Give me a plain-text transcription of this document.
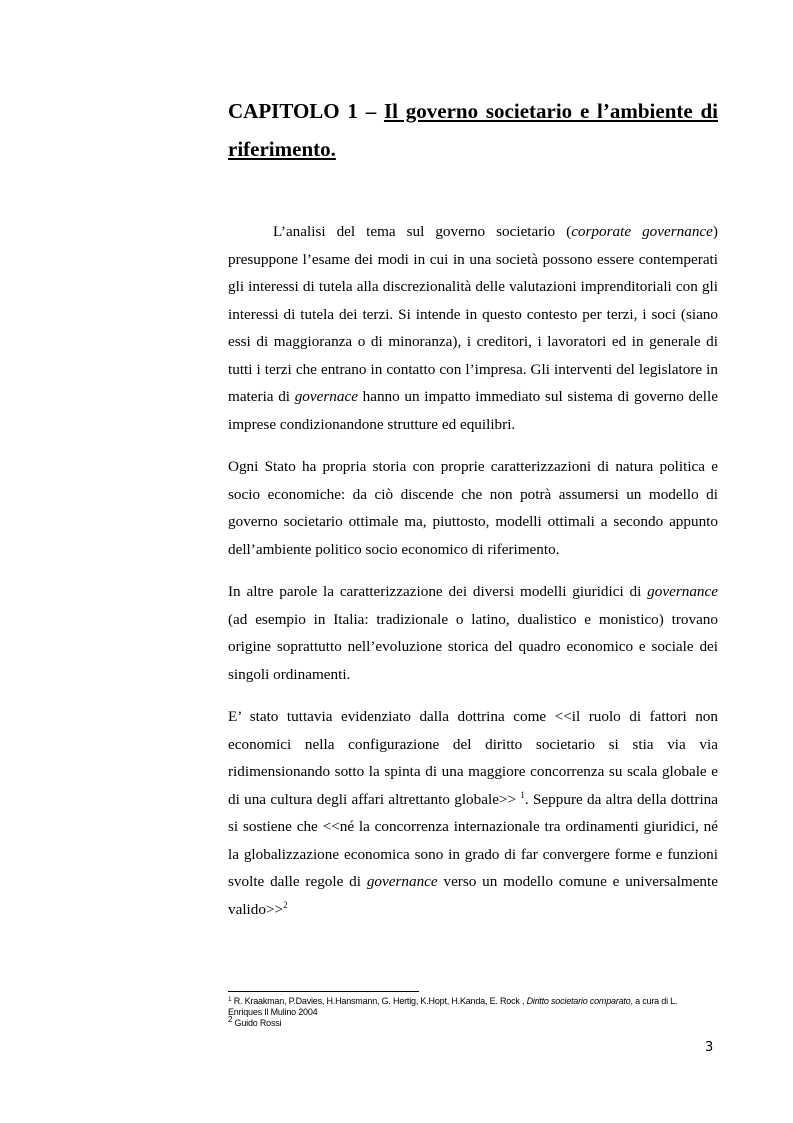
CAPITOLO 1 – Il governo societario e l’ambiente di riferimento.

L’analisi del tema sul governo societario (corporate governance) presuppone l’esame dei modi in cui in una società possono essere contemperati gli interessi di tutela alla discrezionalità delle valutazioni imprenditoriali con gli interessi di tutela dei terzi. Si intende in questo contesto per terzi, i soci (siano essi di maggioranza o di minoranza), i creditori, i lavoratori ed in generale di tutti i terzi che entrano in contatto con l’impresa. Gli interventi del legislatore in materia di governace hanno un impatto immediato sul sistema di governo delle imprese condizionandone strutture ed equilibri.

Ogni Stato ha propria storia con proprie caratterizzazioni di natura politica e socio economiche: da ciò discende che non potrà assumersi un modello di governo societario ottimale ma, piuttosto, modelli ottimali a secondo appunto dell’ambiente politico socio economico di riferimento.

In altre parole la caratterizzazione dei diversi modelli giuridici di governance (ad esempio in Italia: tradizionale o latino, dualistico e monistico) trovano origine soprattutto nell’evoluzione storica del quadro economico e sociale dei singoli ordinamenti.

E’ stato tuttavia evidenziato dalla dottrina come <<il ruolo di fattori non economici nella configurazione del diritto societario si stia via via ridimensionando sotto la spinta di una maggiore concorrenza su scala globale e di una cultura degli affari altrettanto globale>> $^1$. Seppure da altra della dottrina si sostiene che <<né la concorrenza internazionale tra ordinamenti giuridici, né la globalizzazione economica sono in grado di far convergere forme e funzioni svolte dalle regole di governance verso un modello comune e universalmente valido>>$^2$

$^1$ R. Kraakman, P.Davies, H.Hansmann, G. Hertig, K.Hopt, H.Kanda, E. Rock , Diritto societario comparato, a cura di L. Enriques Il Mulino 2004
$^2$ Guido Rossi
3
